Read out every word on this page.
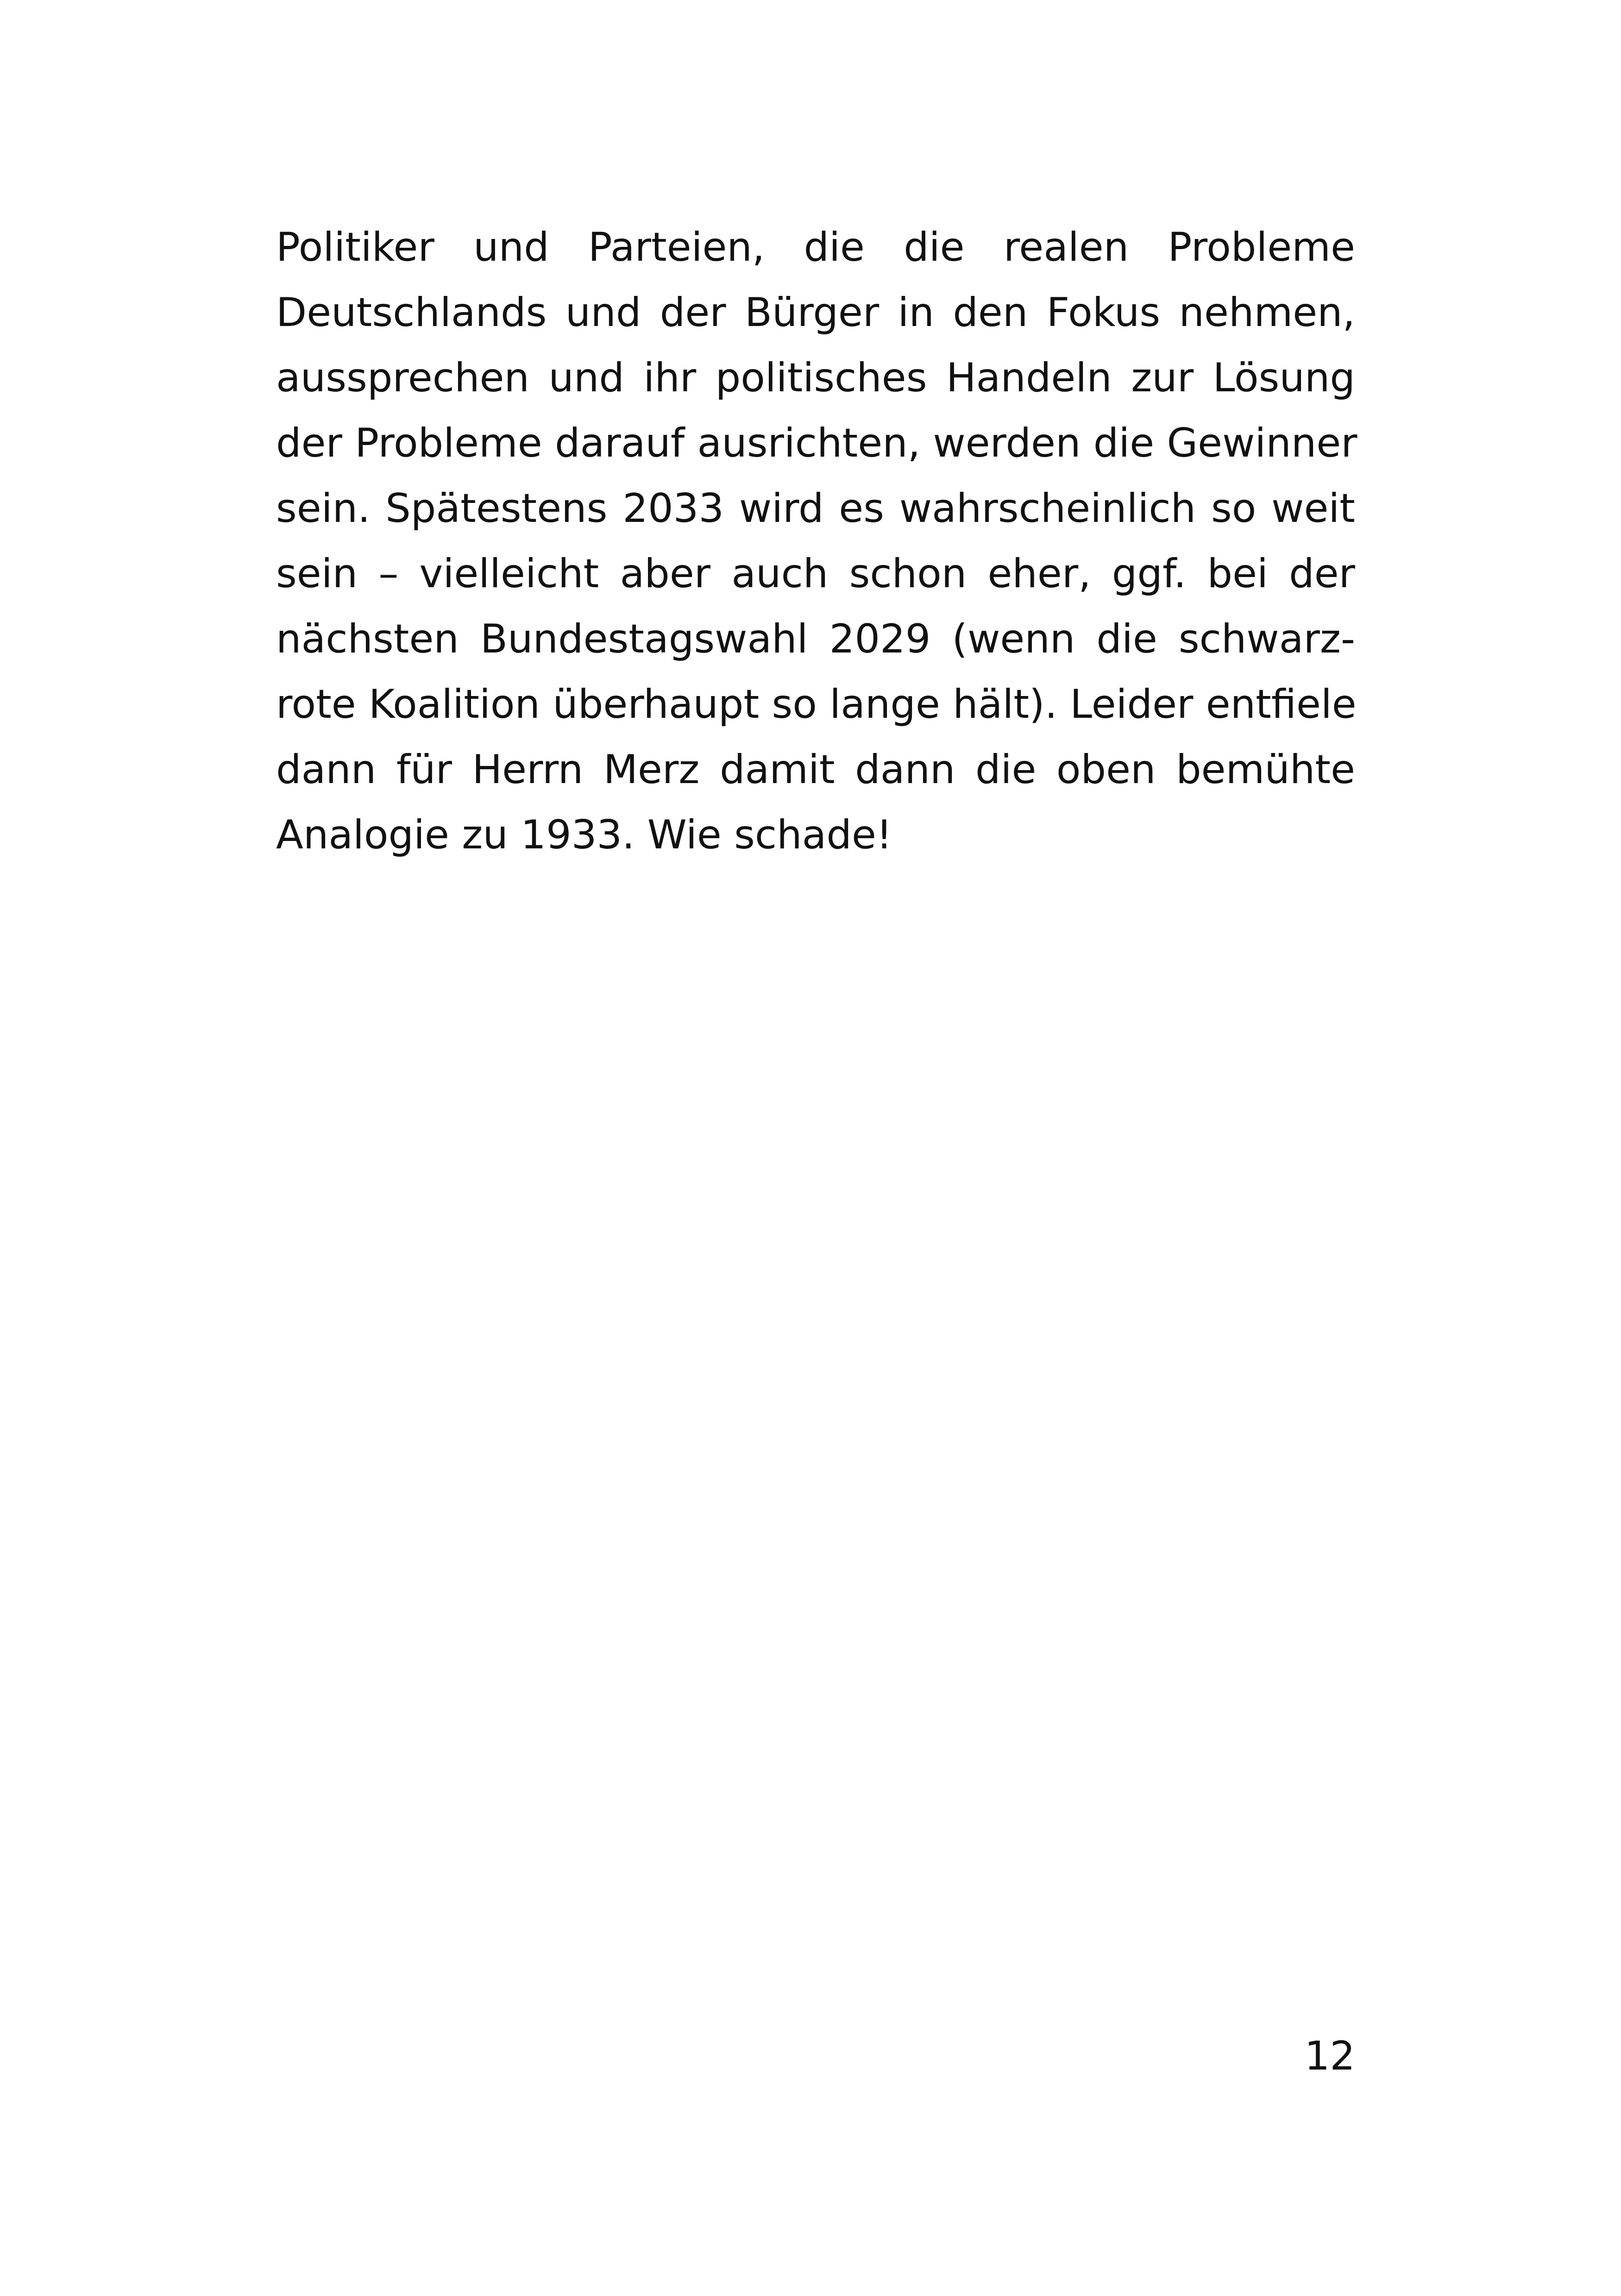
Politiker und Parteien, die die realen Probleme
Deutschlands und der Bürger in den Fokus nehmen,
aussprechen und ihr politisches Handeln zur Lösung
der Probleme darauf ausrichten, werden die Gewinner
sein. Spätestens 2033 wird es wahrscheinlich so weit
sein – vielleicht aber auch schon eher, ggf. bei der
nächsten Bundestagswahl 2029 (wenn die schwarz-
rote Koalition überhaupt so lange hält). Leider entfiele
dann für Herrn Merz damit dann die oben bemühte
Analogie zu 1933. Wie schade!
12
